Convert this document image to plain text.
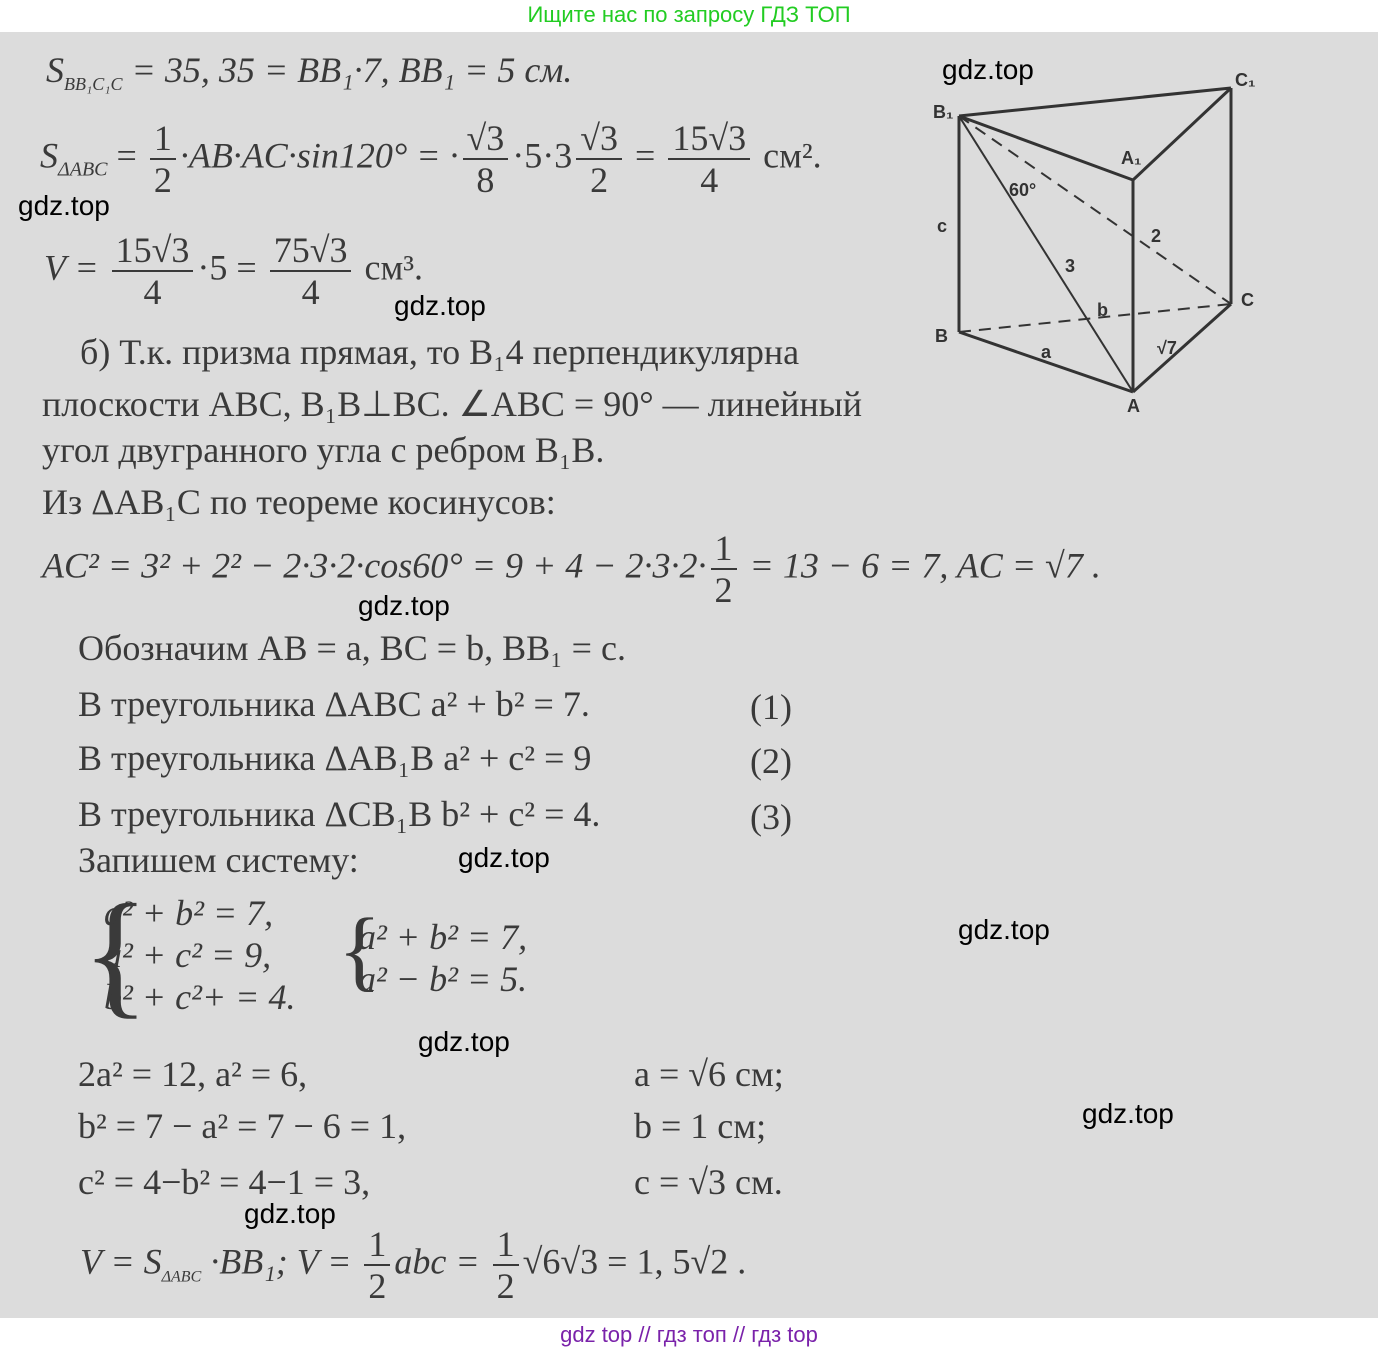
Ищите нас по запросу ГДЗ ТОП
$S_{BB_1C_1C} = 35$, 35 = BB₁·7, BB₁ = 5 см.
$S_{\Delta ABC} = \frac{1}{2} \cdot AB\cdot AC\cdot\sin 120^\circ$ = · $\frac{√3}{8} \cdot 5\cdot 3 \frac{√3}{2} = \frac{15√3}{4} см^2$.
$V = \frac{15√3}{4} \cdot 5 = \frac{75√3}{4} см^3$.
б) Т.к. призма прямая, то B₁4 перпендикулярна
плоскости ABC, B₁B⊥BC. ∠ABC = 90° — линейный
угол двугранного угла с ребром B₁B.
Из ΔAB₁C по теореме косинусов:
$AC^2 = 3^2 + 2^2 - 2\cdot 3\cdot 2\cdot\cos 60^\circ = 9 + 4 - 2\cdot 3\cdot 2\cdot \frac{1}{2} = 13 - 6 = 7$, AC = √7 .
Обозначим AB = a, BC = b, BB₁ = c.
В треугольника ΔABC a² + b² = 7.	(1)
В треугольника ΔAB₁B a² + c² = 9	(2)
В треугольника ΔCB₁B b² + c² = 4.	(3)
Запишем систему:
{
a² + b² = 7,
a² + c² = 9,
b² + c²+ = 4. {
a² + b² = 7,
a² − b² = 5.
2a² = 12, a² = 6,	a = √6 см;
b² = 7 − a² = 7 − 6 = 1,	b = 1 см;
c² = 4−b² = 4−1 = 3,	c = √3 см.
$V = S_{\Delta ABC} \cdot BB_1$; $V = \frac{1}{2}$ abc = $\frac{1}{2} √6√3 = 1$, 5√2 .
B₁
C₁
A₁
B
C
A
60°
c
a
b
2
3
√7
gdz.top
gdz.top
gdz.top
gdz.top
gdz.top
gdz.top
gdz.top
gdz.top
gdz.top
gdz top // гдз топ // гдз top
